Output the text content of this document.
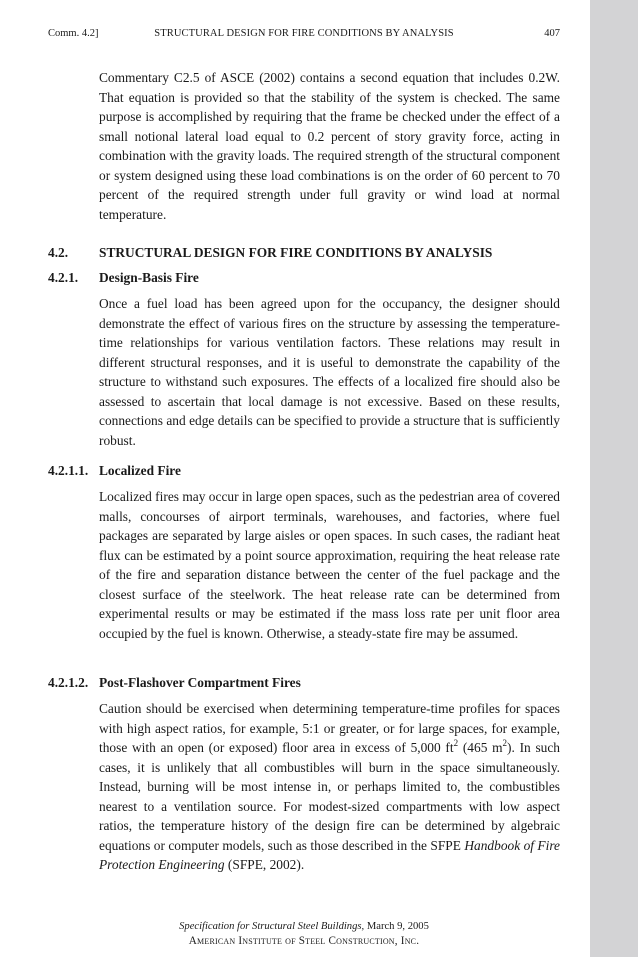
Comm. 4.2]	STRUCTURAL DESIGN FOR FIRE CONDITIONS BY ANALYSIS	407

Commentary C2.5 of ASCE (2002) contains a second equation that includes 0.2W. That equation is provided so that the stability of the system is checked. The same purpose is accomplished by requiring that the frame be checked under the effect of a small notional lateral load equal to 0.2 percent of story gravity force, acting in combination with the gravity loads. The required strength of the structural component or system designed using these load combinations is on the order of 60 percent to 70 percent of the required strength under full gravity or wind load at normal temperature.

4.2. STRUCTURAL DESIGN FOR FIRE CONDITIONS BY ANALYSIS
4.2.1. Design-Basis Fire

Once a fuel load has been agreed upon for the occupancy, the designer should demonstrate the effect of various fires on the structure by assessing the temperature-time relationships for various ventilation factors. These relations may result in different structural responses, and it is useful to demonstrate the capability of the structure to withstand such exposures. The effects of a localized fire should also be assessed to ascertain that local damage is not excessive. Based on these results, connections and edge details can be specified to provide a structure that is sufficiently robust.

4.2.1.1. Localized Fire

Localized fires may occur in large open spaces, such as the pedestrian area of covered malls, concourses of airport terminals, warehouses, and factories, where fuel packages are separated by large aisles or open spaces. In such cases, the radiant heat flux can be estimated by a point source approximation, requiring the heat release rate of the fire and separation distance between the center of the fuel package and the closest surface of the steelwork. The heat release rate can be determined from experimental results or may be estimated if the mass loss rate per unit floor area occupied by the fuel is known. Otherwise, a steady-state fire may be assumed.

4.2.1.2. Post-Flashover Compartment Fires

Caution should be exercised when determining temperature-time profiles for spaces with high aspect ratios, for example, 5:1 or greater, or for large spaces, for example, those with an open (or exposed) floor area in excess of 5,000 $ft^2$ (465 $m^2$). In such cases, it is unlikely that all combustibles will burn in the space simultaneously. Instead, burning will be most intense in, or perhaps limited to, the combustibles nearest to a ventilation source. For modest-sized compartments with low aspect ratios, the temperature history of the design fire can be determined by algebraic equations or computer models, such as those described in the SFPE Handbook of Fire Protection Engineering (SFPE, 2002).

Specification for Structural Steel Buildings, March 9, 2005
American Institute of Steel Construction, Inc.
